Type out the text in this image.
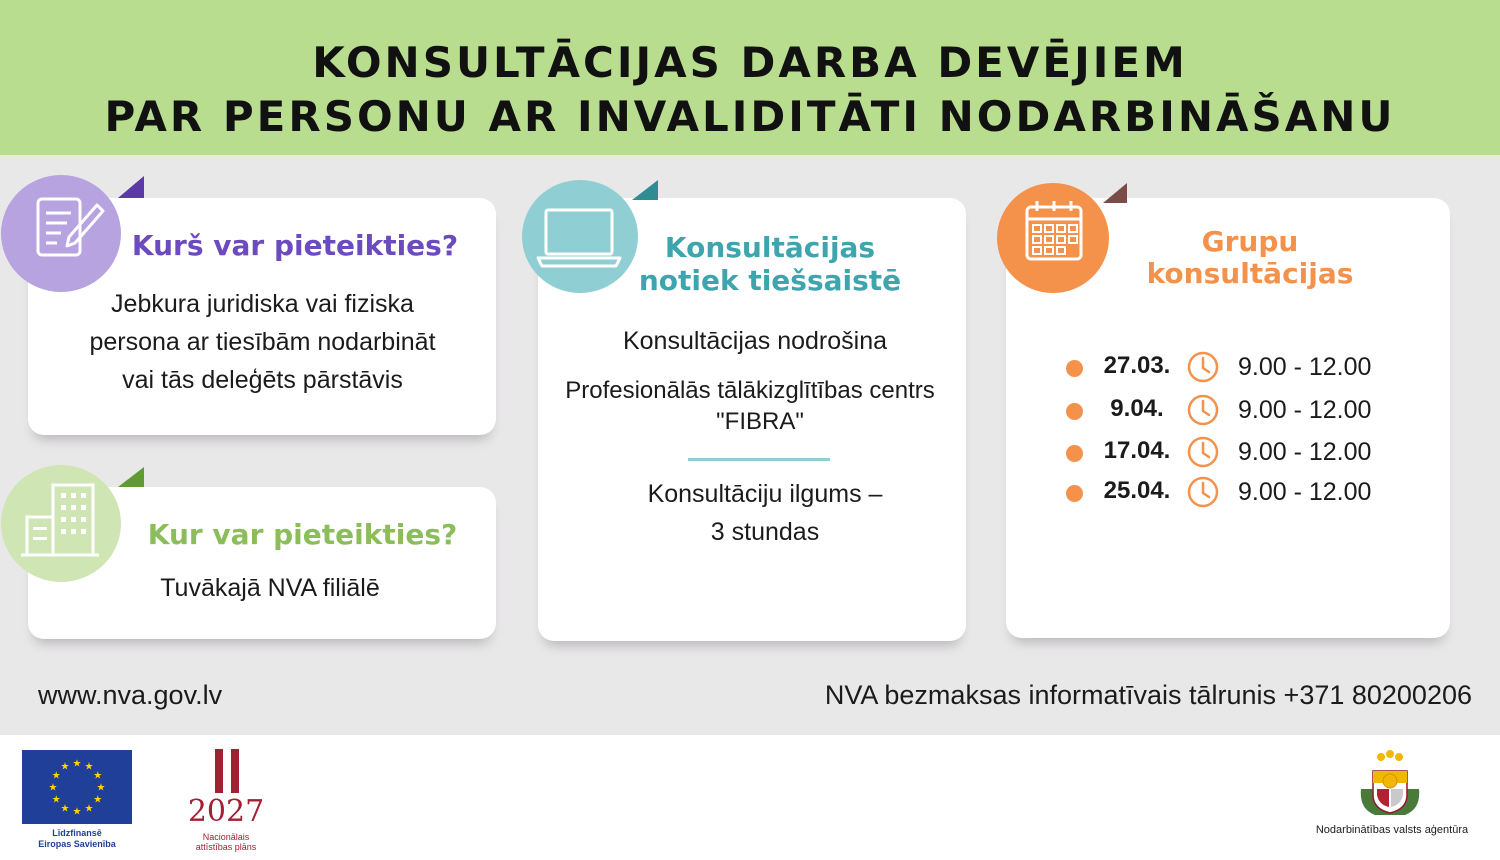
KONSULTĀCIJAS DARBA DEVĒJIEM
PAR PERSONU AR INVALIDITĀTI NODARBINĀŠANU
Kurš var pieteikties?
Jebkura juridiska vai fiziska
persona ar tiesībām nodarbināt
vai tās deleģēts pārstāvis
Kur var pieteikties?
Tuvākajā NVA filiālē
Konsultācijas
notiek tiešsaistē
Konsultācijas nodrošina
Profesionālās tālākizglītības centrs
"FIBRA"
Konsultāciju ilgums –
3 stundas
Grupu
konsultācijas
27.03.	9.00 - 12.00
9.04.	9.00 - 12.00
17.04.	9.00 - 12.00
25.04.	9.00 - 12.00
www.nva.gov.lv	NVA bezmaksas informatīvais tālrunis +371 80200206
★ ★
★
★
★
★
★
★
★
★
★
★
Līdzfinansē
Eiropas Savienība
2027
Nacionālais
attīstības plāns
Nodarbinātības valsts aģentūra
